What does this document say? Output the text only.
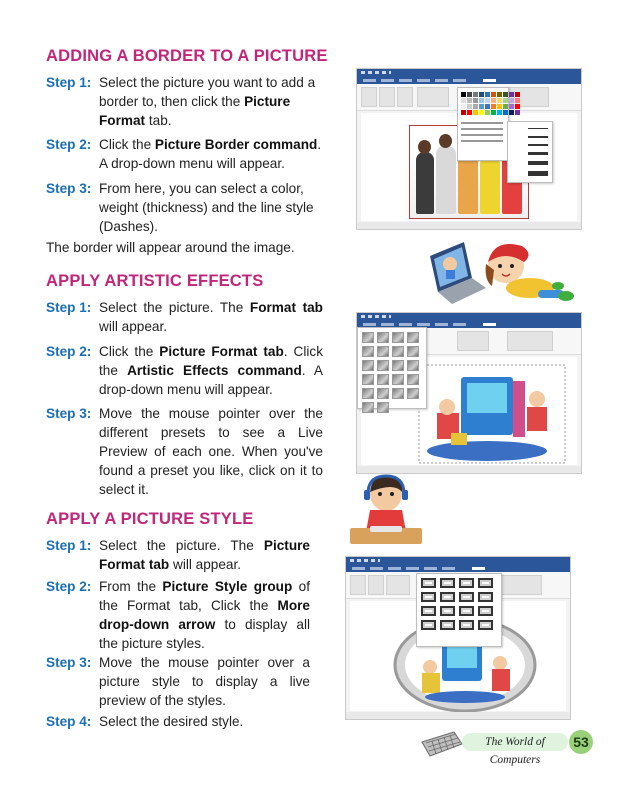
ADDING A BORDER TO A PICTURE
Step 1: Select the picture you want to add a border to, then click the Picture Format tab.
Step 2: Click the Picture Border command. A drop-down menu will appear.
Step 3: From here, you can select a color, weight (thickness) and the line style (Dashes).
The border will appear around the image.
APPLY ARTISTIC EFFECTS
Step 1: Select the picture. The Format tab will appear.
Step 2: Click the Picture Format tab. Click the Artistic Effects command. A drop-down menu will appear.
Step 3: Move the mouse pointer over the different presets to see a Live Preview of each one. When you've found a preset you like, click on it to select it.
APPLY A PICTURE STYLE
Step 1: Select the picture. The Picture Format tab will appear.
Step 2: From the Picture Style group of the Format tab, Click the More drop-down arrow to display all the picture styles.
Step 3: Move the mouse pointer over a picture style to display a live preview of the styles.
Step 4: Select the desired style.
The World of Computers
53
